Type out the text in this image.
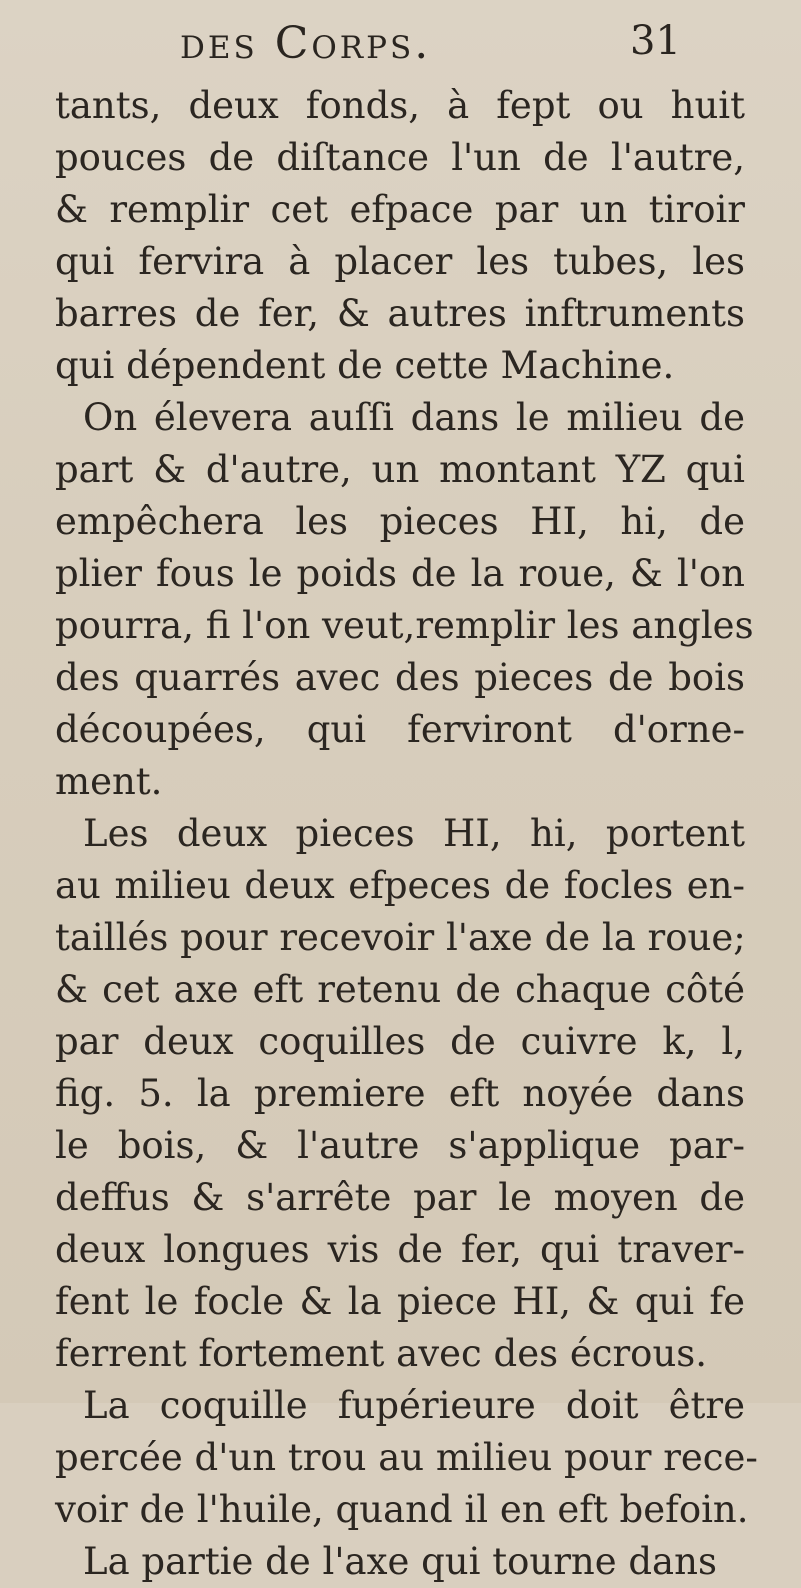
des Corps.	31
tants, deux fonds, à fept ou huit
pouces de diſtance l'un de l'autre,
& remplir cet efpace par un tiroir
qui fervira à placer les tubes, les
barres de fer, & autres inftruments
qui dépendent de cette Machine.
On élevera auſſi dans le milieu de
part & d'autre, un montant YZ qui
empêchera les pieces HI, hi, de
plier fous le poids de la roue, & l'on
pourra, fi l'on veut,remplir les angles
des quarrés avec des pieces de bois
découpées, qui ferviront d'orne-
ment.
Les deux pieces HI, hi, portent
au milieu deux efpeces de focles en-
taillés pour recevoir l'axe de la roue;
& cet axe eft retenu de chaque côté
par deux coquilles de cuivre k, l,
fig. 5. la premiere eft noyée dans
le bois, & l'autre s'applique par-
deffus & s'arrête par le moyen de
deux longues vis de fer, qui traver-
fent le focle & la piece HI, & qui fe
ferrent fortement avec des écrous.
La coquille fupérieure doit être
percée d'un trou au milieu pour rece-
voir de l'huile, quand il en eft befoin.
La partie de l'axe qui tourne dans
